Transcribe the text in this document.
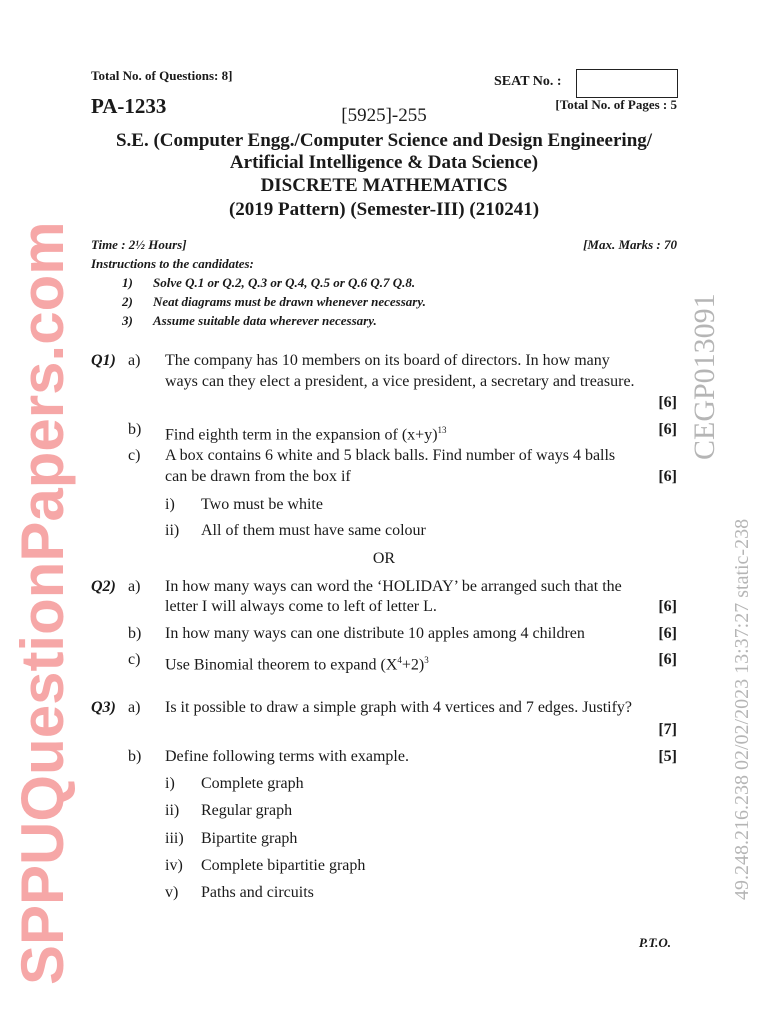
Total No. of Questions: 8]	SEAT No. :
PA-1233	[5925]-255
[Total No. of Pages : 5
S.E. (Computer Engg./Computer Science and Design Engineering/
Artificial Intelligence & Data Science)
DISCRETE MATHEMATICS
(2019 Pattern) (Semester-III) (210241)
Time : 2½ Hours]	[Max. Marks : 70
Instructions to the candidates:
1) Solve Q.1 or Q.2, Q.3 or Q.4, Q.5 or Q.6 Q.7 Q.8.
2) Neat diagrams must be drawn whenever necessary.
3) Assume suitable data wherever necessary.
Q1) a) The company has 10 members on its board of directors. In how many
ways can they elect a president, a vice president, a secretary and treasure.
[6]
b) Find eighth term in the expansion of $(x+y)^{13}$	[6]
c) A box contains 6 white and 5 black balls. Find number of ways 4 balls
can be drawn from the box if	[6]
i) Two must be white
ii) All of them must have same colour
OR
Q2) a) In how many ways can word the ‘HOLIDAY’ be arranged such that the
letter I will always come to left of letter L.	[6]
b) In how many ways can one distribute 10 apples among 4 children	[6]
c) Use Binomial theorem to expand $(X^4+2)^3$	[6]
Q3) a) Is it possible to draw a simple graph with 4 vertices and 7 edges. Justify?
[7]
b) Define following terms with example.	[5]
i) Complete graph
ii) Regular graph
iii) Bipartite graph
iv) Complete bipartitie graph
v) Paths and circuits
P.T.O.
SPPUQuestionPapers.com	CEGP013091
49.248.216.238 02/02/2023 13:37:27 static-238
